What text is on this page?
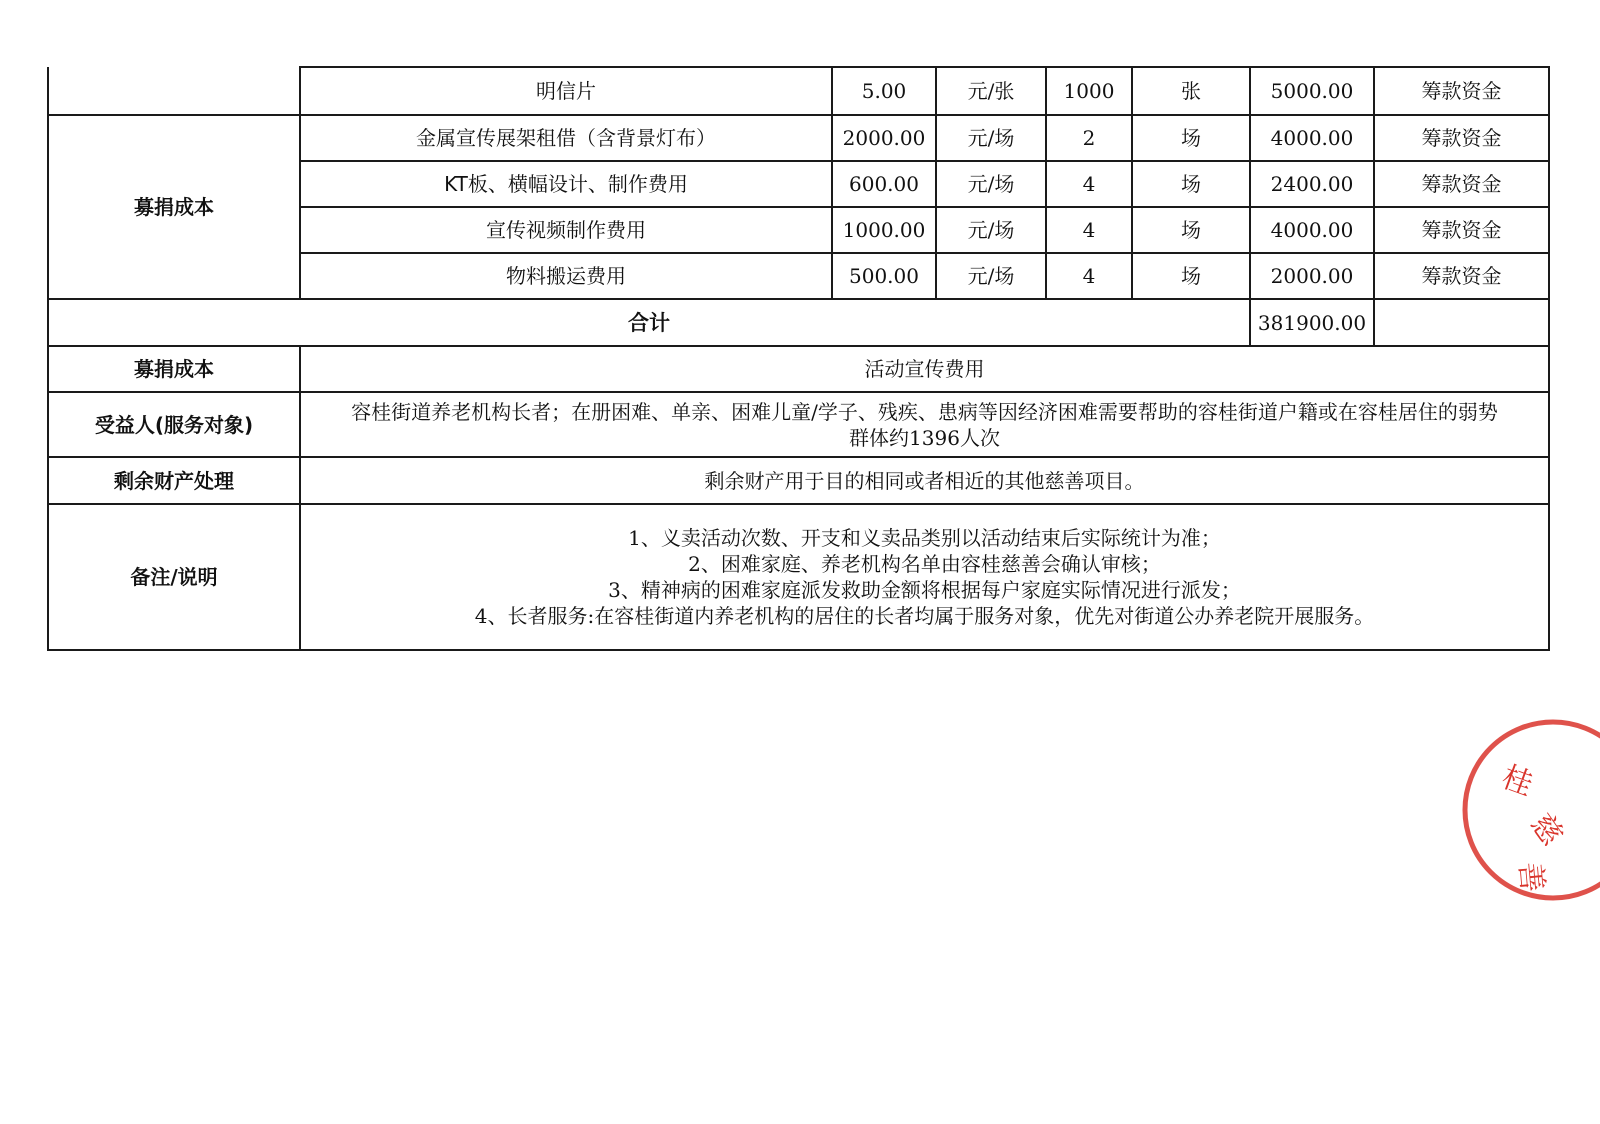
	明信片	5.00	元/张	1000	张	5000.00	筹款资金
募捐成本	金属宣传展架租借（含背景灯布）	2000.00	元/场	2	场	4000.00	筹款资金
	KT板、横幅设计、制作费用	600.00	元/场	4	场	2400.00	筹款资金
	宣传视频制作费用	1000.00	元/场	4	场	4000.00	筹款资金
	物料搬运费用	500.00	元/场	4	场	2000.00	筹款资金
合计						381900.00	
募捐成本	活动宣传费用						
受益人(服务对象)	容桂街道养老机构长者；在册困难、单亲、困难儿童/学子、残疾、患病等因经济困难需要帮助的容桂街道户籍或在容桂居住的弱势
群体约1396人次						

剩余财产处理	剩余财产用于目的相同或者相近的其他慈善项目。						
备注/说明	1、义卖活动次数、开支和义卖品类别以活动结束后实际统计为准；
2、困难家庭、养老机构名单由容桂慈善会确认审核；
3、精神病的困难家庭派发救助金额将根据每户家庭实际情况进行派发；
4、长者服务:在容桂街道内养老机构的居住的长者均属于服务对象，优先对街道公办养老院开展服务。						
桂
慈
善
